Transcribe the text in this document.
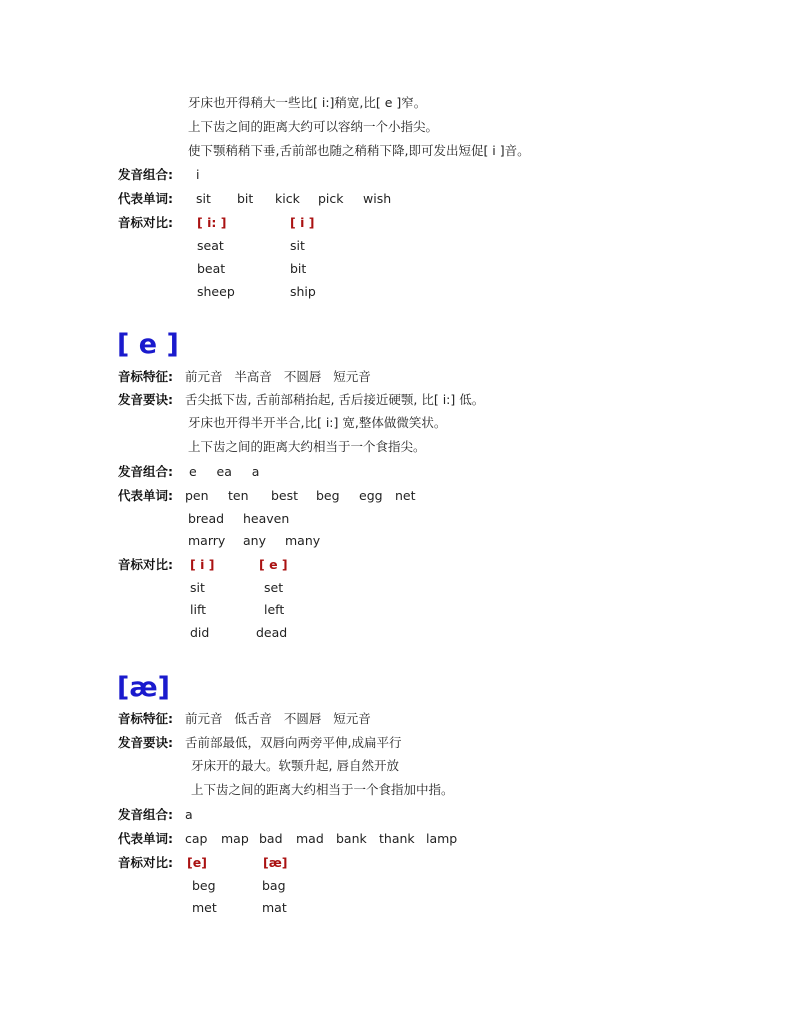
牙床也开得稍大一些比[ i:]稍宽,比[ e ]窄。
上下齿之间的距离大约可以容纳一个小指尖。
使下颚稍稍下垂,舌前部也随之稍稍下降,即可发出短促[ i ]音。
发音组合: i
代表单词: sit bit kick pick wish
音标对比: [ i: ]	[ i ]
seat	sit
beat	bit
sheep	ship
[ e ]
音标特征: 前元音   半高音   不圆唇   短元音
发音要诀: 舌尖抵下齿, 舌前部稍抬起, 舌后接近硬颚, 比[ i:] 低。
牙床也开得半开半合,比[ i:] 宽,整体做微笑状。
上下齿之间的距离大约相当于一个食指尖。
发音组合: e     ea     a
代表单词: pen ten best beg egg net
bread heaven
marry any many
音标对比: [ i ]	[ e ]
sit	set
lift	left
did	dead
[æ]
音标特征: 前元音   低舌音   不圆唇   短元音
发音要诀: 舌前部最低，双唇向两旁平伸,成扁平行
牙床开的最大。软颚升起, 唇自然开放
上下齿之间的距离大约相当于一个食指加中指。
发音组合: a
代表单词: cap map bad mad bank thank lamp
音标对比: [e]	[æ]
beg	bag
met	mat
